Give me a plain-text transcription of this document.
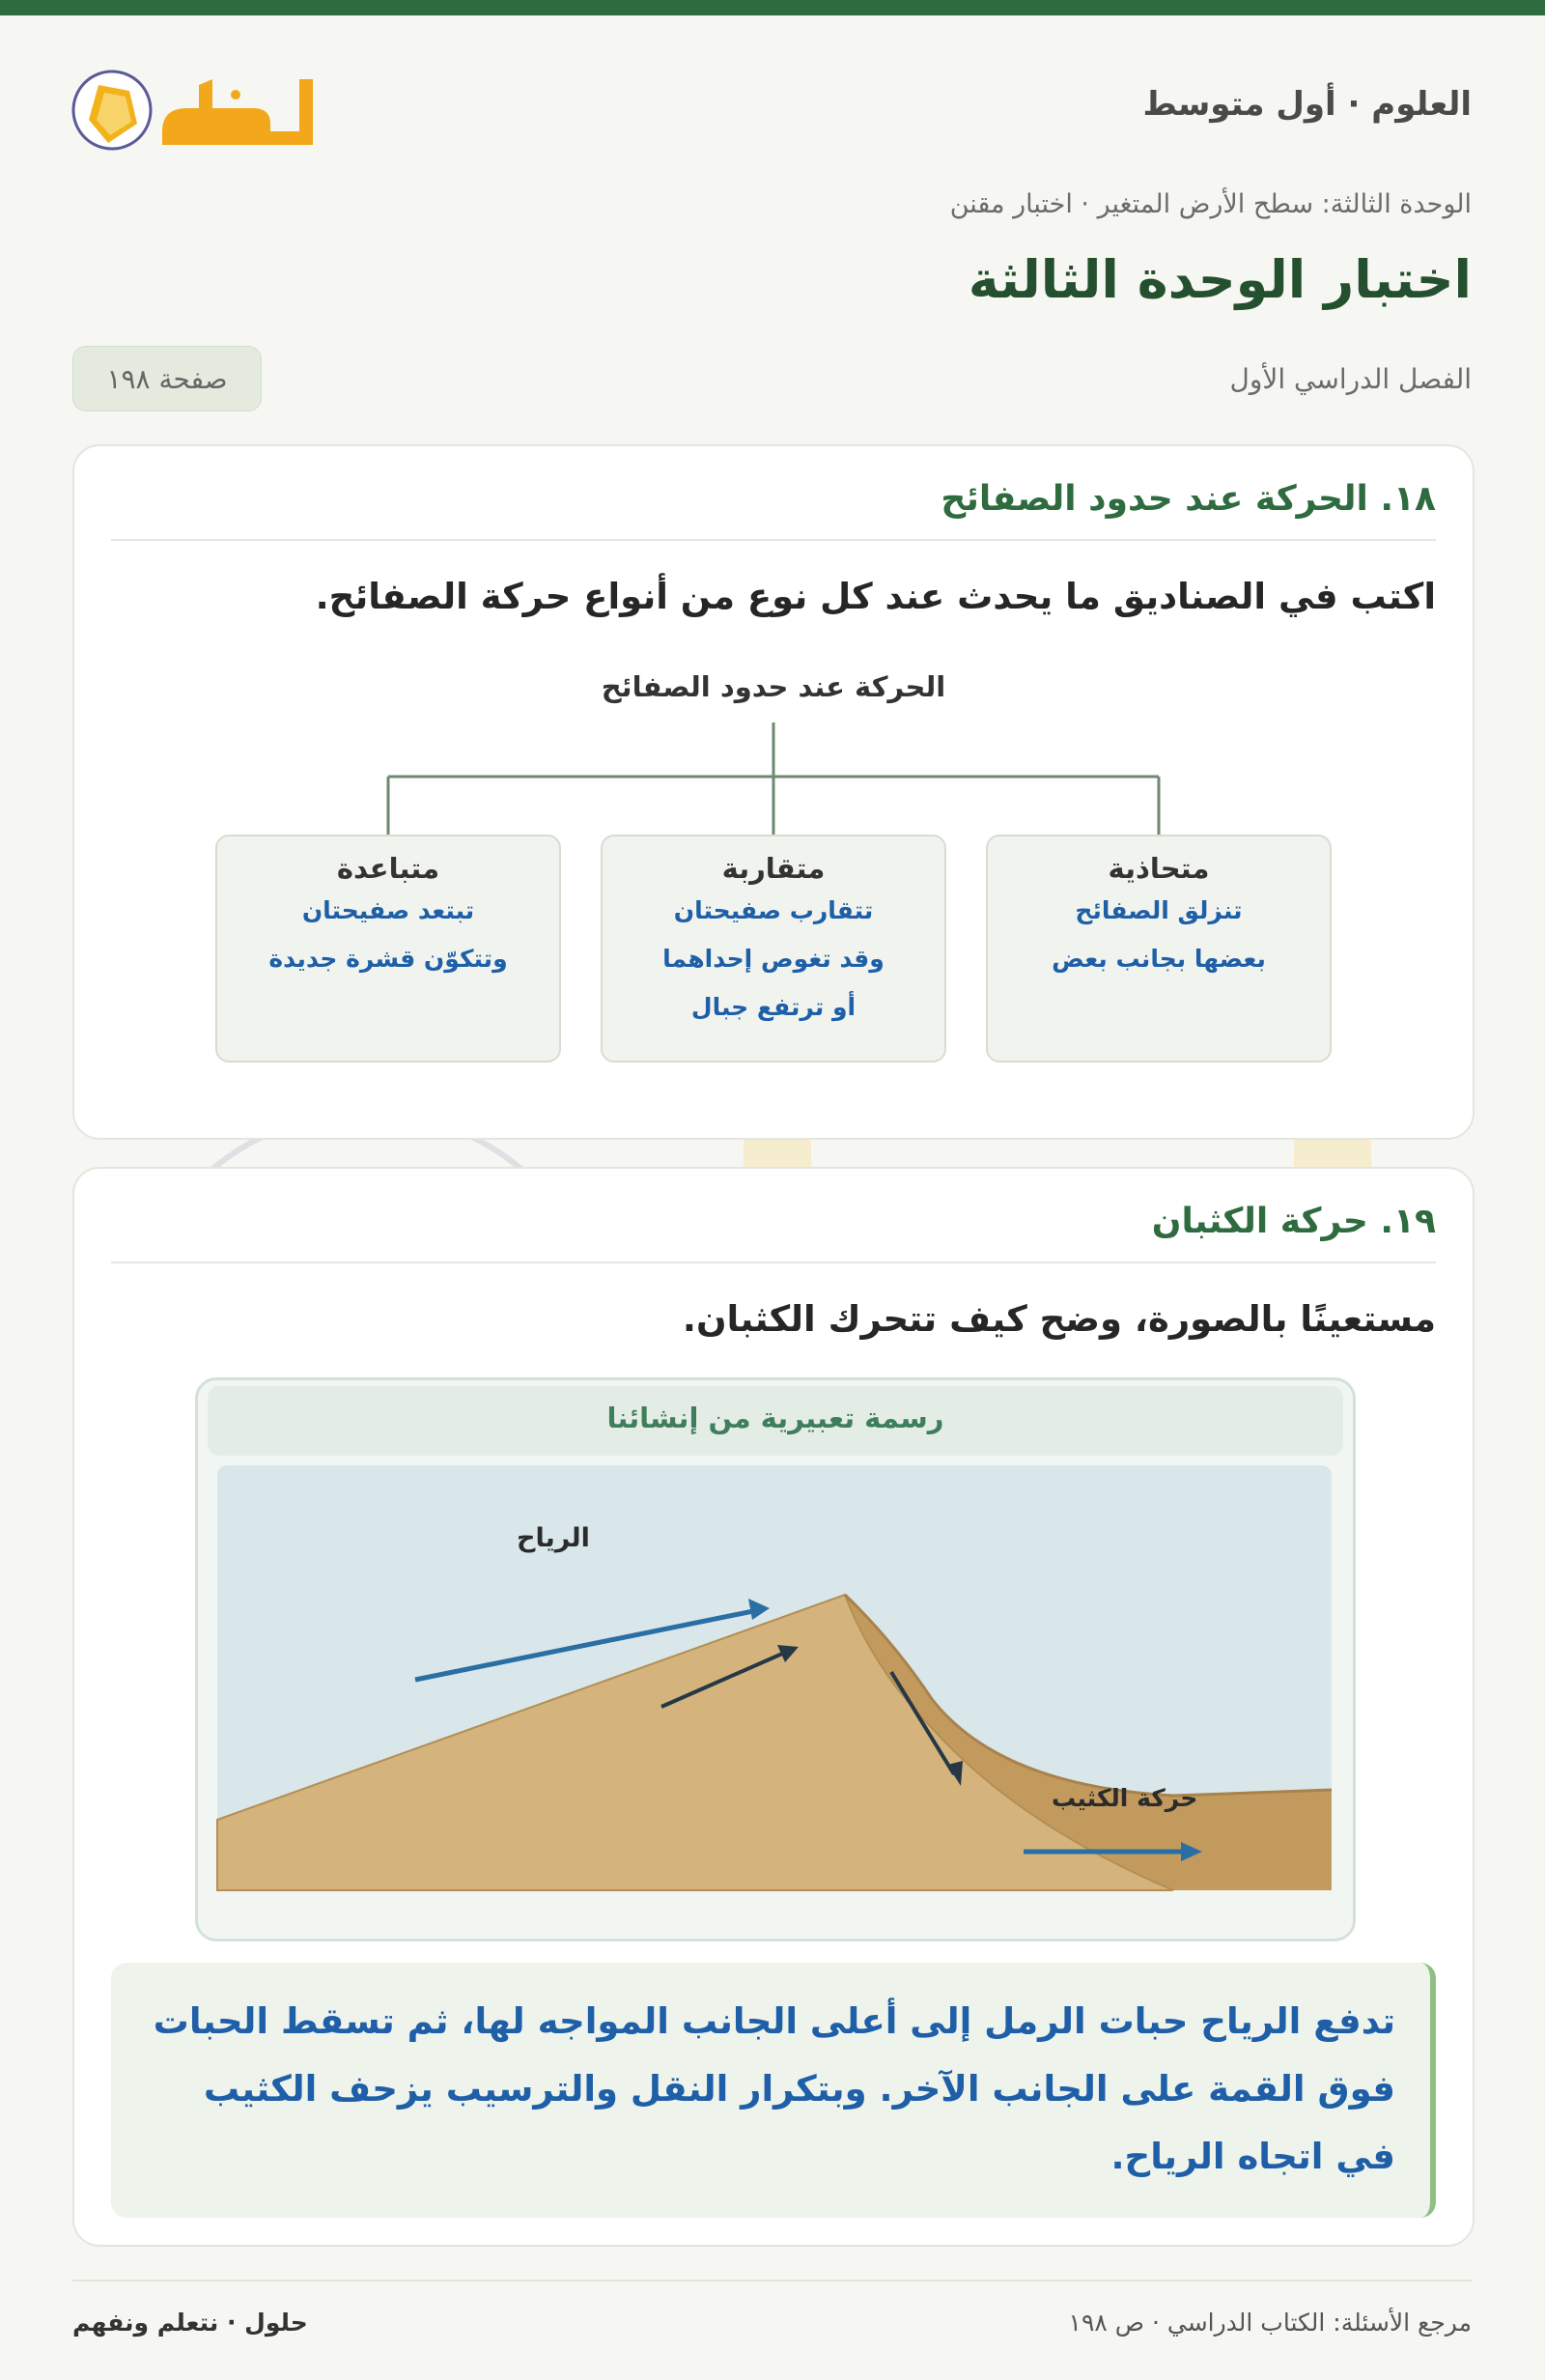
العلوم · أول متوسط
الوحدة الثالثة: سطح الأرض المتغير · اختبار مقنن
اختبار الوحدة الثالثة
الفصل الدراسي الأول
صفحة ١٩٨
١٨. الحركة عند حدود الصفائح
اكتب في الصناديق ما يحدث عند كل نوع من أنواع حركة الصفائح.
الحركة عند حدود الصفائح
متحاذية
تنزلق الصفائح
بعضها بجانب بعض
متقاربة
تتقارب صفيحتان
وقد تغوص إحداهما
أو ترتفع جبال
متباعدة
تبتعد صفيحتان
وتتكوّن قشرة جديدة
١٩. حركة الكثبان
مستعينًا بالصورة، وضح كيف تتحرك الكثبان.
رسمة تعبيرية من إنشائنا
الرياح
حركة الكثيب
تدفع الرياح حبات الرمل إلى أعلى الجانب المواجه لها، ثم تسقط الحبات فوق القمة على الجانب الآخر. وبتكرار النقل والترسيب يزحف الكثيب في اتجاه الرياح.
مرجع الأسئلة: الكتاب الدراسي · ص ١٩٨
حلول · نتعلم ونفهم
